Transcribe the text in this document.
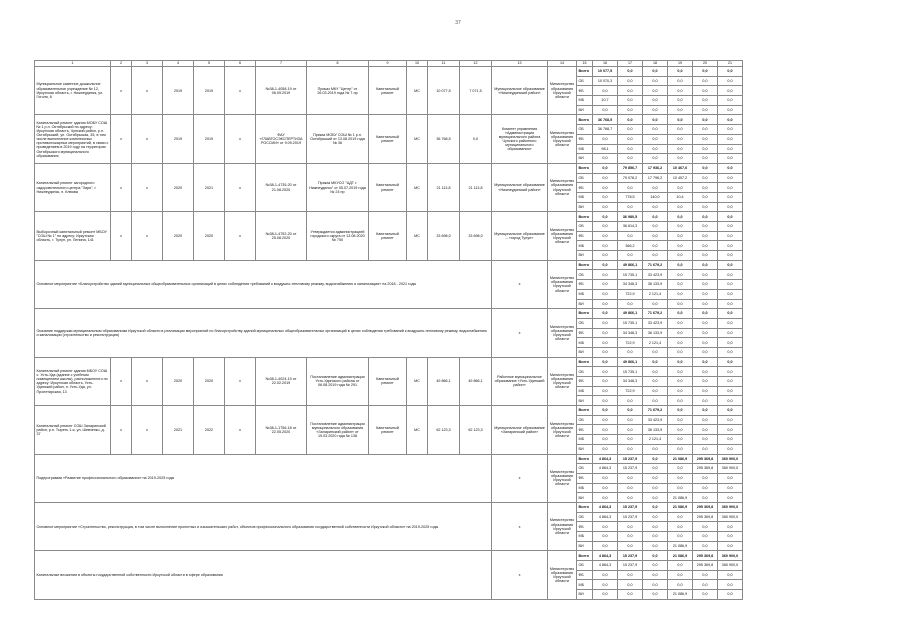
37
1	2	3	4	5	6	7	8	9	10	11	12	13	14	15	16	17	18	19	20	21
Мунициальное казенное дошкольное образовательное учреждение № 12, Иркутская область, г. Нижнеудинск, ул. Гоголя, 6	х	х	2019	2019	х	№38-1-4058-19 от 06.09.2019	Приказ МКУ "Центр" от 26.03.2019 года № 7-пр	Капитальный ремонт	МС	10 077,5	7 071,5	Муниципальное образование «Нижнеудинский район»	Министерство образования Иркутской области	Всего	10 077,5	0,0	0,0	0,0	0,0	0,0
														ОБ	10 070,3	0,0	0,0	0,0	0,0	0,0
														ФБ	0,0	0,0	0,0	0,0	0,0	0,0
														МБ	10,7	0,0	0,0	0,0	0,0	0,0
														ВИ	0,0	0,0	0,0	0,0	0,0	0,0
Капитальный ремонт здания МОБУ СОШ № 1 р.п. Октябрьский по адресу: Иркутская область, Чунский район, р.п. Октябрьский, ул. Октябрьская, 35, в том числе выполнение комплексных противопожарных мероприятий, в связи с проведением в 2019 году на территории Октябрьского муниципального образования	х	х	2019	2019	х	ФАУ «ГЛАВГОСЭКСПЕРТИЗА РОССИИ» от 9.09.2019	Приказ МОБУ СОШ № 1 р.п. Октябрьский от 13.08.2019 года № 36	Капитальный ремонт	МС	36 768,5	0,0	Комитет управления «Администрация муниципального района Чунского районного муниципального образования»	Министерство образования Иркутской области	Всего	36 768,5	0,0	0,0	0,0	0,0	0,0
														ОБ	36 768,7	0,0	0,0	0,0	0,0	0,0
														ФБ	0,0	0,0	0,0	0,0	0,0	0,0
														МБ	98,1	0,0	0,0	0,0	0,0	0,0
														ВИ	0,0	0,0	0,0	0,0	0,0	0,0
Капитальный ремонт загородного оздоровительного центра "Заря", г. Нижнеудинск, п. Клюква	х	х	2020	2021	х	№38-1-4735-20 от 21.08.2020	Приказ МКУСО "ЦДТ г. Нижнеудинск" от 05.07.2019 года № 24 пр	Капитальный ремонт	МС	21 113,8	21 113,8	Муниципальное образование «Нижнеудинский район»	Министерство образования Иркутской области	Всего	0,0	79 856,7	17 936,2	10 467,6	0,0	0,0
														ОБ	0,0	79 078,2	17 796,2	10 457,2	0,0	0,0
														ФБ	0,0	0,0	0,0	0,0	0,0	0,0
														МБ	0,0	778,5	140,0	10,4	0,0	0,0
														ВИ	0,0	0,0	0,0	0,0	0,0	0,0
Выборочный капитальный ремонт МБОУ "СОШ № 1" по адресу: Иркутская область, г. Тулун, ул. Ленина, 141	х	х	2020	2020	х	№38-1-4752-20 от 25.08.2020	Утверждается администрацией городского округа от 13.08.2020 № 750	Капитальный ремонт	МС	33 698,0	33 698,0	Муниципальное образование – «город Тулун»	Министерство образования Иркутской области	Всего	0,0	36 980,5	0,0	0,0	0,0	0,0
														ОБ	0,0	36 614,3	0,0	0,0	0,0	0,0
														ФБ	0,0	0,0	0,0	0,0	0,0	0,0
														МБ	0,0	366,2	0,0	0,0	0,0	0,0
														ВИ	0,0	0,0	0,0	0,0	0,0	0,0
Основное мероприятие «Благоустройство зданий муниципальных общеобразовательных организаций в целях соблюдения требований к воздушно-тепловому режиму, водоснабжению и канализации» на 2018 - 2021 годы												х	Министерство образования Иркутской области	Всего	0,0	49 866,1	71 679,2	0,0	0,0	0,0
														ОБ	0,0	15 735,1	33 423,9	0,0	0,0	0,0
														ФБ	0,0	34 348,3	36 133,9	0,0	0,0	0,0
														МБ	0,0	722,9	2 121,4	0,0	0,0	0,0
														ВИ	0,0	0,0	0,0	0,0	0,0	0,0
Оказание поддержки муниципальным образованиям Иркутской области в реализации мероприятий по благоустройству зданий муниципальных общеобразовательных организаций в целях соблюдения требований к воздушно-тепловому режиму, водоснабжению и канализации (строительство и реконструкция)												х	Министерство образования Иркутской области	Всего	0,0	49 866,1	71 679,2	0,0	0,0	0,0
														ОБ	0,0	15 735,1	33 423,9	0,0	0,0	0,0
														ФБ	0,0	34 348,3	36 133,9	0,0	0,0	0,0
														МБ	0,0	722,9	2 121,4	0,0	0,0	0,0
														ВИ	0,0	0,0	0,0	0,0	0,0	0,0
Капитальный ремонт здания МБОУ СОШ с. Усть-Уда (здание с учебным помещением школы), расположенного по адресу: Иркутская область, Усть-Удинский район, п. Усть-Уда, ул. Пролетарская, 13	х	х	2020	2020	х	№38-1-4024-19 от 22.02.2019	Постановление администрации Усть-Удинского района от 06.08.2019 года № 291	Капитальный ремонт	МС	49 866,1	49 866,1	Районное муниципальное образование «Усть-Удинский район»	Министерство образования Иркутской области	Всего	0,0	49 866,1	0,0	0,0	0,0	0,0
														ОБ	0,0	15 735,1	0,0	0,0	0,0	0,0
														ФБ	0,0	34 348,3	0,0	0,0	0,0	0,0
														МБ	0,0	722,9	0,0	0,0	0,0	0,0
														ВИ	0,0	0,0	0,0	0,0	0,0	0,0
Капитальный ремонт СОШ Заларинский район, р.п. Тыреть 1-я, ул. Шевченко, д. 37	х	х	2021	2022	х	№38-1-1756-18 от 22.05.2020	Постановление администрации муниципального образования «Заларинский район» от 19.03.2020 года № 138	Капитальный ремонт	МС	62 123,3	62 123,3	Муниципальное образование «Заларинский район»	Министерство образования Иркутской области	Всего	0,0	0,0	71 679,2	0,0	0,0	0,0
														ОБ	0,0	0,0	33 423,9	0,0	0,0	0,0
														ФБ	0,0	0,0	36 133,9	0,0	0,0	0,0
														МБ	0,0	0,0	2 121,4	0,0	0,0	0,0
														ВИ	0,0	0,0	0,0	0,0	0,0	0,0
Подпрограмма «Развитие профессионального образования» на 2019-2025 годы												х	Министерство образования Иркутской области	Всего	4 864,3	15 237,9	0,0	21 086,9	295 369,8	360 900,0
														ОБ	4 864,3	15 237,9	0,0	0,0	295 369,8	360 900,0
														ФБ	0,0	0,0	0,0	0,0	0,0	0,0
														МБ	0,0	0,0	0,0	0,0	0,0	0,0
														ВИ	0,0	0,0	0,0	21 086,9	0,0	0,0
Основное мероприятие «Строительство, реконструкция, в том числе выполнение проектных и изыскательских работ, объектов профессионального образования государственной собственности Иркутской области» на 2019-2025 годы												х	Министерство образования Иркутской области	Всего	4 864,3	15 237,9	0,0	21 086,9	295 369,8	360 900,0
														ОБ	4 864,3	15 237,9	0,0	0,0	295 369,8	360 900,0
														ФБ	0,0	0,0	0,0	0,0	0,0	0,0
														МБ	0,0	0,0	0,0	0,0	0,0	0,0
														ВИ	0,0	0,0	0,0	21 086,9	0,0	0,0
Капитальные вложения в объекты государственной собственности Иркутской области в сфере образования												х	Министерство образования Иркутской области	Всего	4 864,3	15 237,9	0,0	21 086,9	295 369,8	360 900,0
														ОБ	4 864,3	15 237,9	0,0	0,0	295 369,8	360 900,0
														ФБ	0,0	0,0	0,0	0,0	0,0	0,0
														МБ	0,0	0,0	0,0	0,0	0,0	0,0
														ВИ	0,0	0,0	0,0	21 086,9	0,0	0,0
